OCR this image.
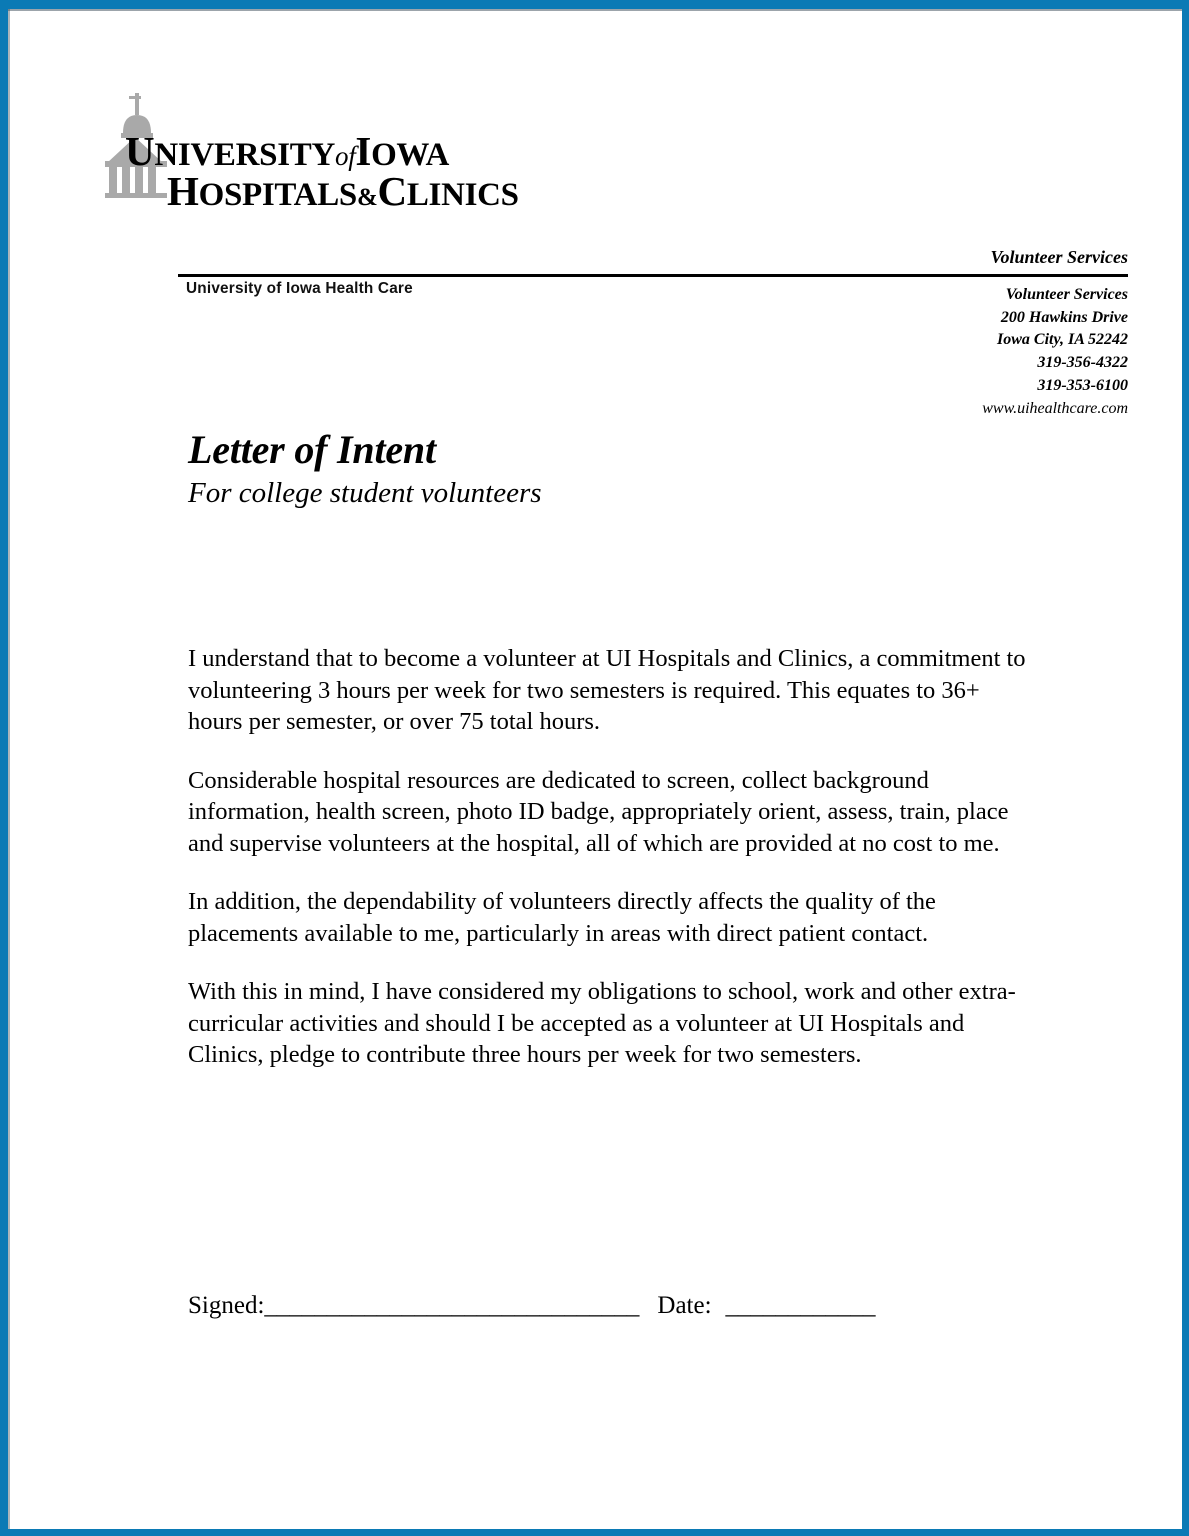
UNIVERSITYofIOWA
HOSPITALS&CLINICS
Volunteer Services
University of Iowa Health Care	Volunteer Services
200 Hawkins Drive
Iowa City, IA 52242
319-356-4322
319-353-6100
www.uihealthcare.com
Letter of Intent
For college student volunteers

I understand that to become a volunteer at UI Hospitals and Clinics, a commitment to volunteering 3 hours per week for two semesters is required. This equates to 36+ hours per semester, or over 75 total hours.

Considerable hospital resources are dedicated to screen, collect background information, health screen, photo ID badge, appropriately orient, assess, train, place and supervise volunteers at the hospital, all of which are provided at no cost to me.

In addition, the dependability of volunteers directly affects the quality of the placements available to me, particularly in areas with direct patient contact.

With this in mind, I have considered my obligations to school, work and other extra-curricular activities and should I be accepted as a volunteer at UI Hospitals and Clinics, pledge to contribute three hours per week for two semesters.

Signed:______________________________ Date: ____________
